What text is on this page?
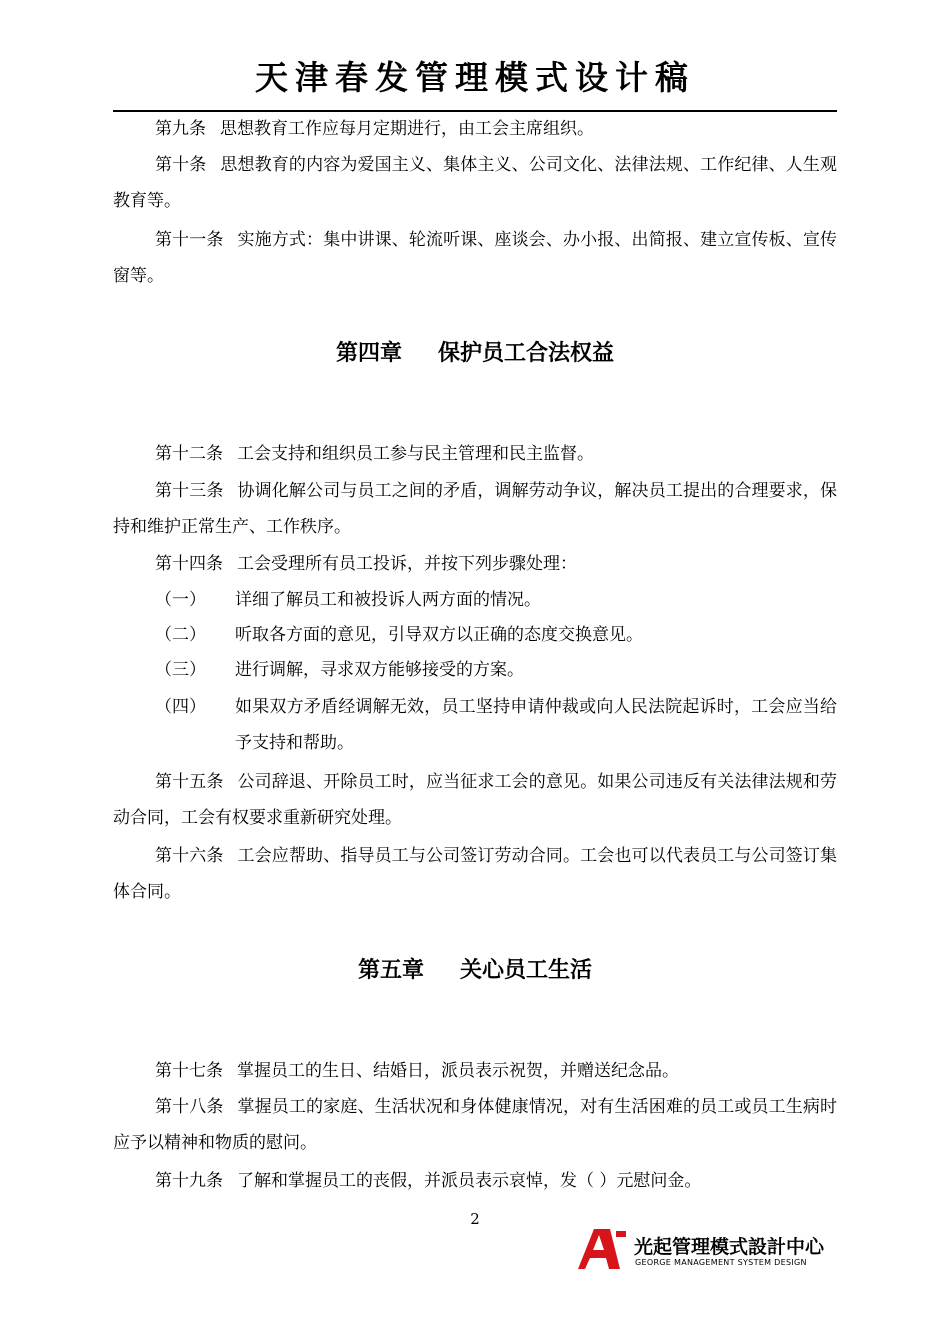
天津春发管理模式设计稿

第九条 思想教育工作应每月定期进行，由工会主席组织。

第十条 思想教育的内容为爱国主义、集体主义、公司文化、法律法规、工作纪律、人生观教育等。

第十一条 实施方式：集中讲课、轮流听课、座谈会、办小报、出简报、建立宣传板、宣传窗等。

第四章 保护员工合法权益

第十二条 工会支持和组织员工参与民主管理和民主监督。

第十三条 协调化解公司与员工之间的矛盾，调解劳动争议，解决员工提出的合理要求，保持和维护正常生产、工作秩序。

第十四条 工会受理所有员工投诉，并按下列步骤处理：

（一） 详细了解员工和被投诉人两方面的情况。
（二） 听取各方面的意见，引导双方以正确的态度交换意见。
（三） 进行调解，寻求双方能够接受的方案。
（四） 如果双方矛盾经调解无效，员工坚持申请仲裁或向人民法院起诉时，工会应当给予支持和帮助。

第十五条 公司辞退、开除员工时，应当征求工会的意见。如果公司违反有关法律法规和劳动合同，工会有权要求重新研究处理。

第十六条 工会应帮助、指导员工与公司签订劳动合同。工会也可以代表员工与公司签订集体合同。

第五章 关心员工生活

第十七条 掌握员工的生日、结婚日，派员表示祝贺，并赠送纪念品。

第十八条 掌握员工的家庭、生活状况和身体健康情况，对有生活困难的员工或员工生病时应予以精神和物质的慰问。

第十九条 了解和掌握员工的丧假，并派员表示哀悼，发（ ）元慰问金。

2
光起管理模式設計中心
GEORGE MANAGEMENT SYSTEM DESIGN
